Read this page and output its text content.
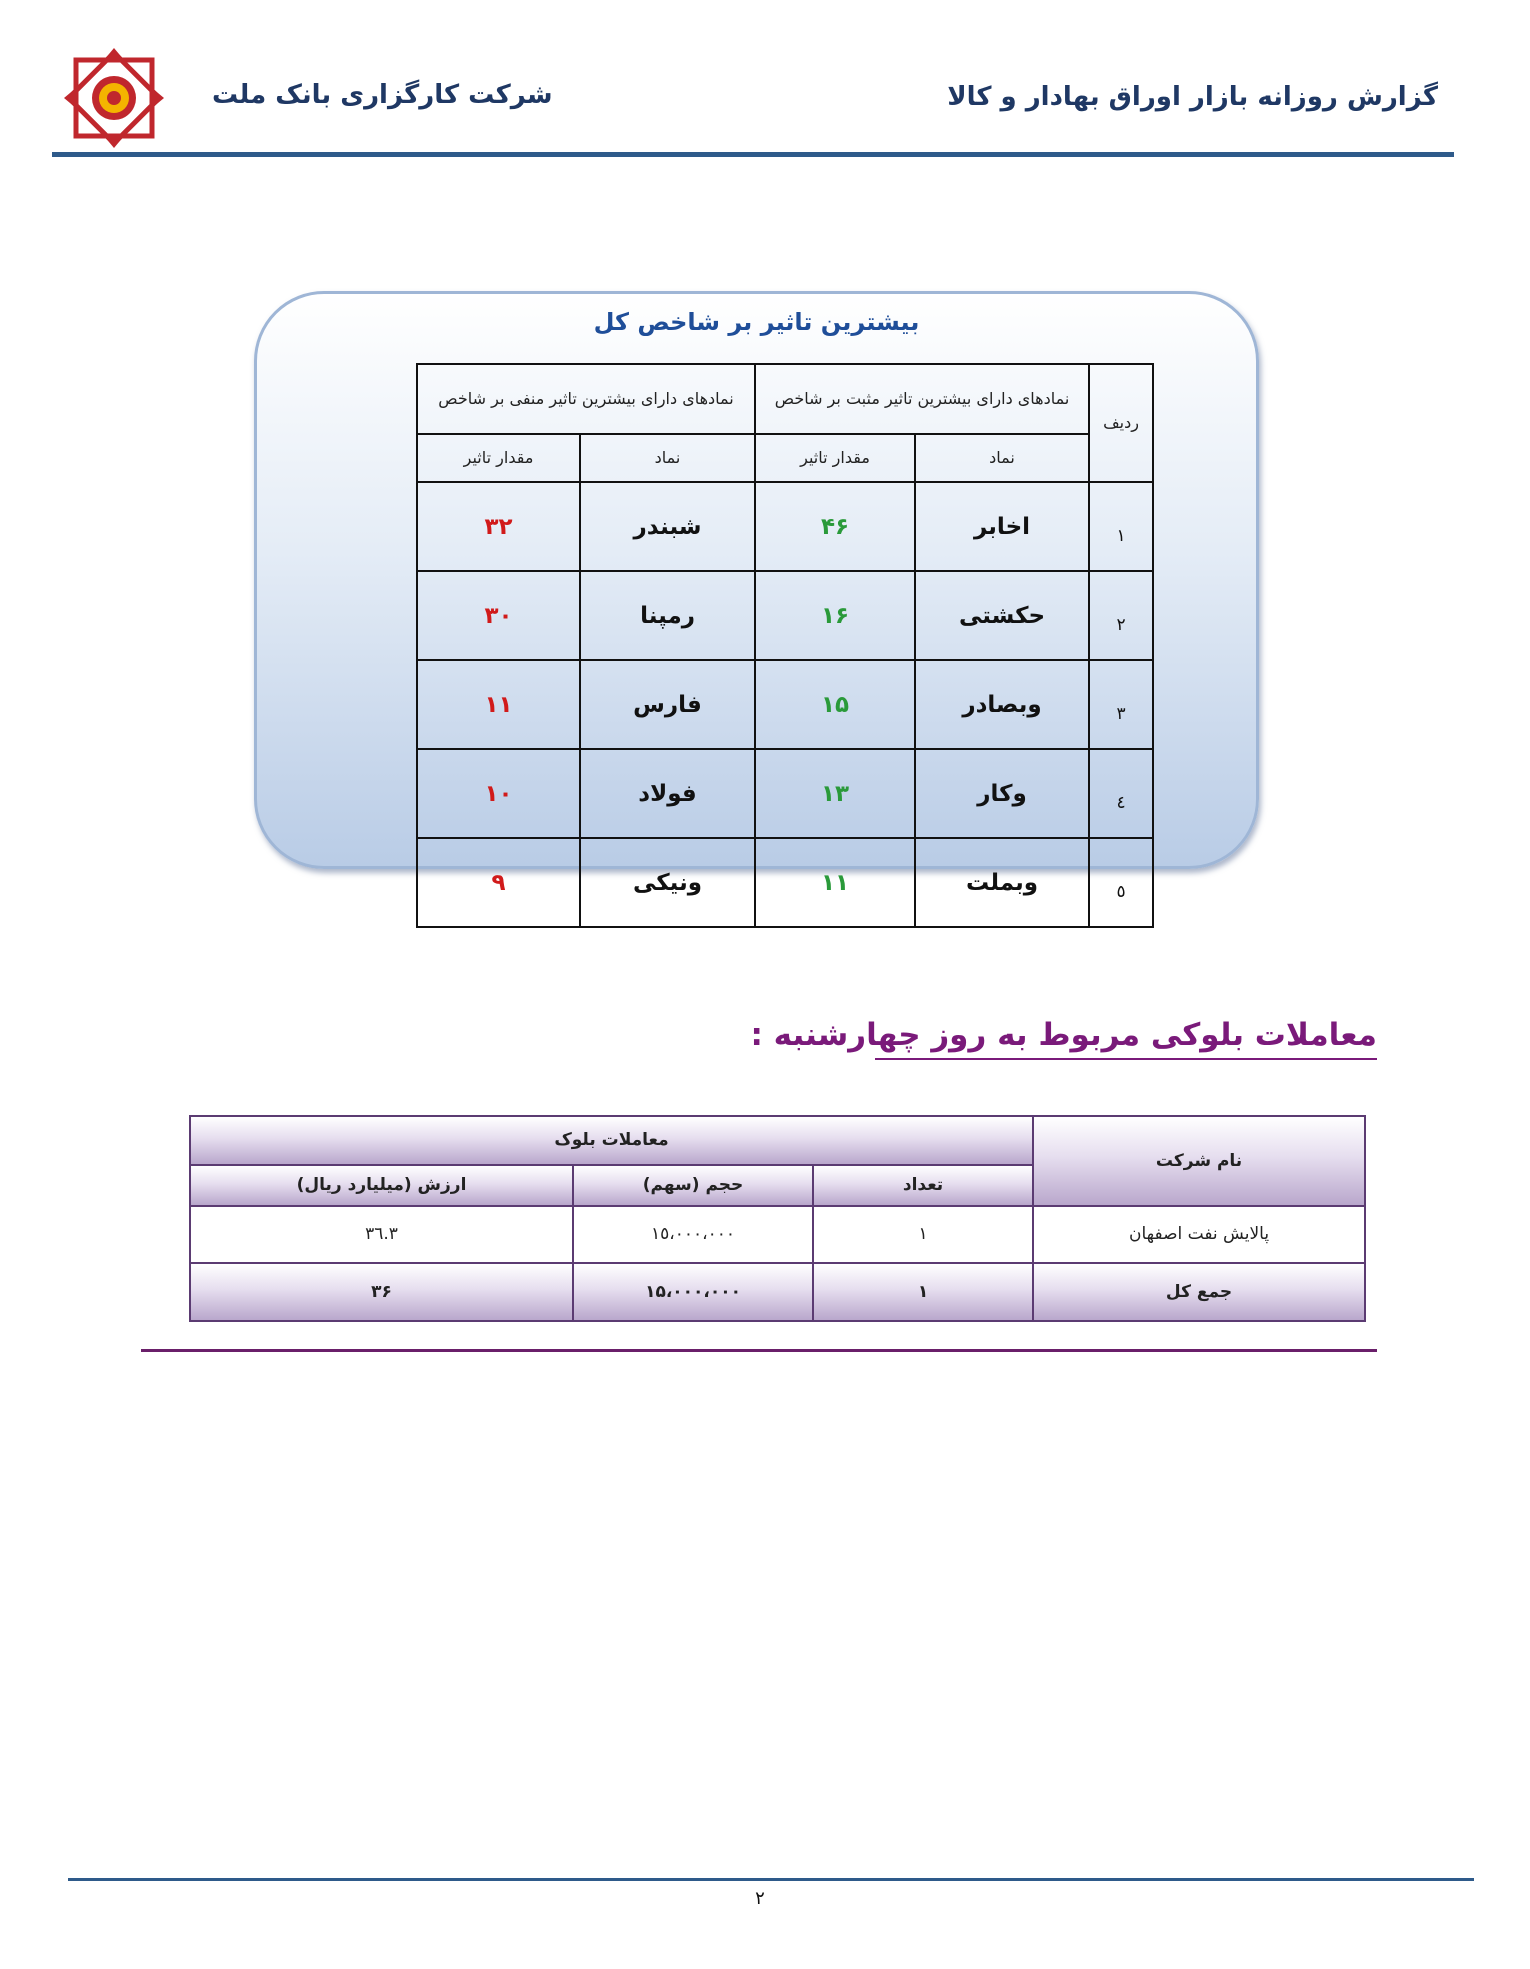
گزارش روزانه بازار اوراق بهادار و کالا
شرکت کارگزاری بانک ملت
بیشترین تاثیر بر شاخص کل
ردیف	نمادهای دارای بیشترین تاثیر مثبت بر شاخص		نمادهای دارای بیشترین تاثیر منفی بر شاخص	
	نماد	مقدار تاثیر	نماد	مقدار تاثیر
١	اخابر	۴۶	شبندر	۳۲
٢	حکشتی	۱۶	رمپنا	۳۰
٣	وبصادر	۱۵	فارس	۱۱
٤	وکار	۱۳	فولاد	۱۰
٥	وبملت	۱۱	ونیکی	۹
معاملات بلوکی مربوط به روز چهارشنبه :
نام شرکت	معاملات بلوک		
	تعداد	حجم (سهم)	ارزش (میلیارد ریال)
پالایش نفت اصفهان	١	١٥،٠٠٠،٠٠٠	٣٦.٣
جمع کل	۱	۱۵،۰۰۰،۰۰۰	۳۶
٢
